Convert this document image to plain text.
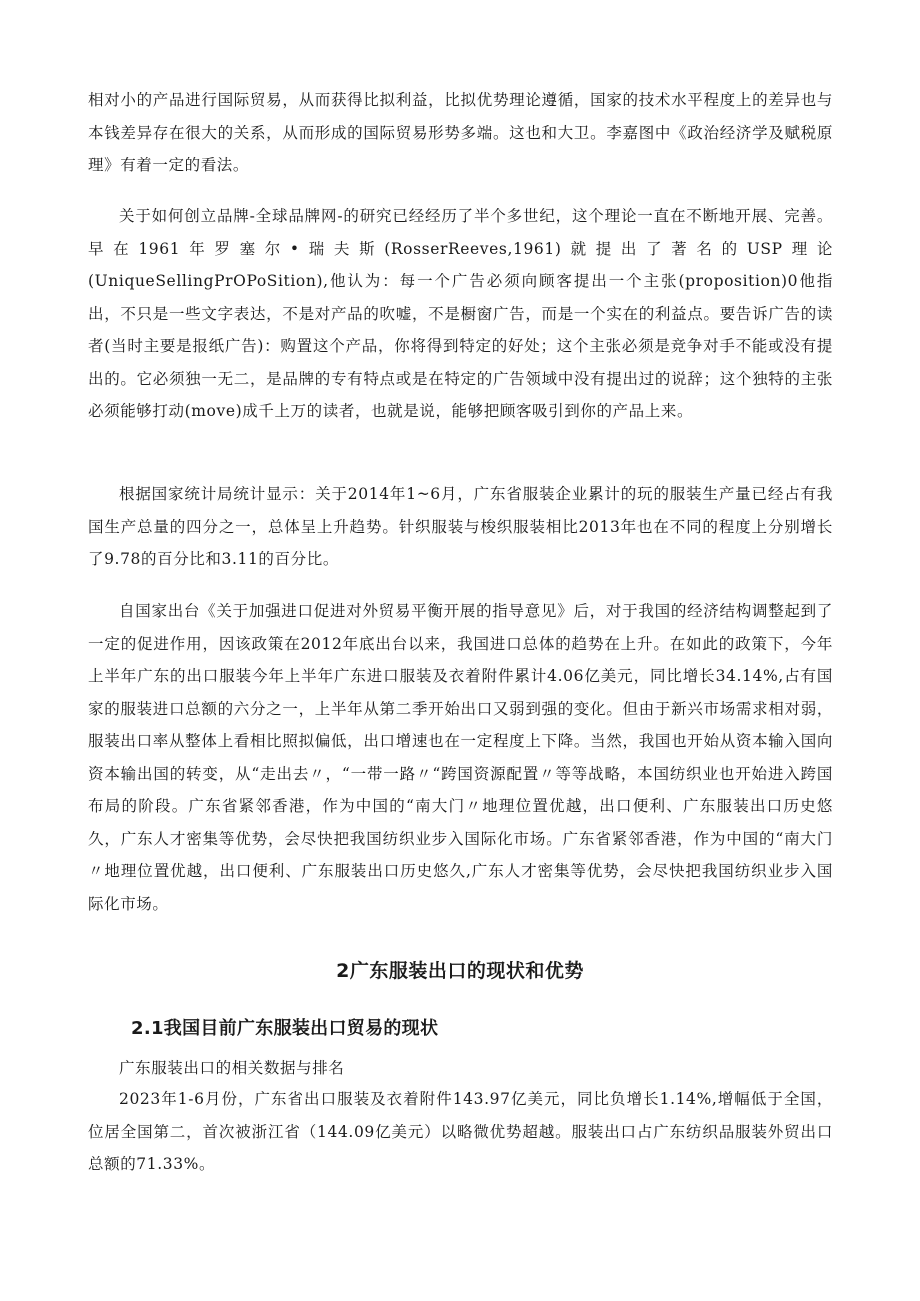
相对小的产品进行国际贸易，从而获得比拟利益，比拟优势理论遵循，国家的技术水平程度上的差异也与本钱差异存在很大的关系，从而形成的国际贸易形势多端。这也和大卫。李嘉图中《政治经济学及赋税原理》有着一定的看法。

关于如何创立品牌-全球品牌网-的研究已经经历了半个多世纪，这个理论一直在不断地开展、完善。早在1961年罗塞尔•瑞夫斯(RosserReeves,1961)就提出了著名的USP理论(UniqueSellingPrOPoSition),他认为：每一个广告必须向顾客提出一个主张(proposition)0他指出，不只是一些文字表达，不是对产品的吹嘘，不是橱窗广告，而是一个实在的利益点。要告诉广告的读者(当时主要是报纸广告)：购置这个产品，你将得到特定的好处；这个主张必须是竞争对手不能或没有提出的。它必须独一无二，是品牌的专有特点或是在特定的广告领域中没有提出过的说辞；这个独特的主张必须能够打动(move)成千上万的读者，也就是说，能够把顾客吸引到你的产品上来。

根据国家统计局统计显示：关于2014年1~6月，广东省服装企业累计的玩的服装生产量已经占有我国生产总量的四分之一，总体呈上升趋势。针织服装与梭织服装相比2013年也在不同的程度上分别增长了9.78的百分比和3.11的百分比。

自国家出台《关于加强进口促进对外贸易平衡开展的指导意见》后，对于我国的经济结构调整起到了一定的促进作用，因该政策在2012年底出台以来，我国进口总体的趋势在上升。在如此的政策下，今年上半年广东的出口服装今年上半年广东进口服装及衣着附件累计4.06亿美元，同比增长34.14%,占有国家的服装进口总额的六分之一，上半年从第二季开始出口又弱到强的变化。但由于新兴市场需求相对弱，服装出口率从整体上看相比照拟偏低，出口增速也在一定程度上下降。当然，我国也开始从资本输入国向资本输出国的转变，从“走出去〃，“一带一路〃“跨国资源配置〃等等战略，本国纺织业也开始进入跨国布局的阶段。广东省紧邻香港，作为中国的“南大门〃地理位置优越，出口便利、广东服装出口历史悠久，广东人才密集等优势，会尽快把我国纺织业步入国际化市场。广东省紧邻香港，作为中国的“南大门〃地理位置优越，出口便利、广东服装出口历史悠久,广东人才密集等优势，会尽快把我国纺织业步入国际化市场。

2广东服装出口的现状和优势
2.1我国目前广东服装出口贸易的现状

广东服装出口的相关数据与排名

2023年1-6月份，广东省出口服装及衣着附件143.97亿美元，同比负增长1.14%,增幅低于全国，位居全国第二，首次被浙江省（144.09亿美元）以略微优势超越。服装出口占广东纺织品服装外贸出口总额的71.33%。
